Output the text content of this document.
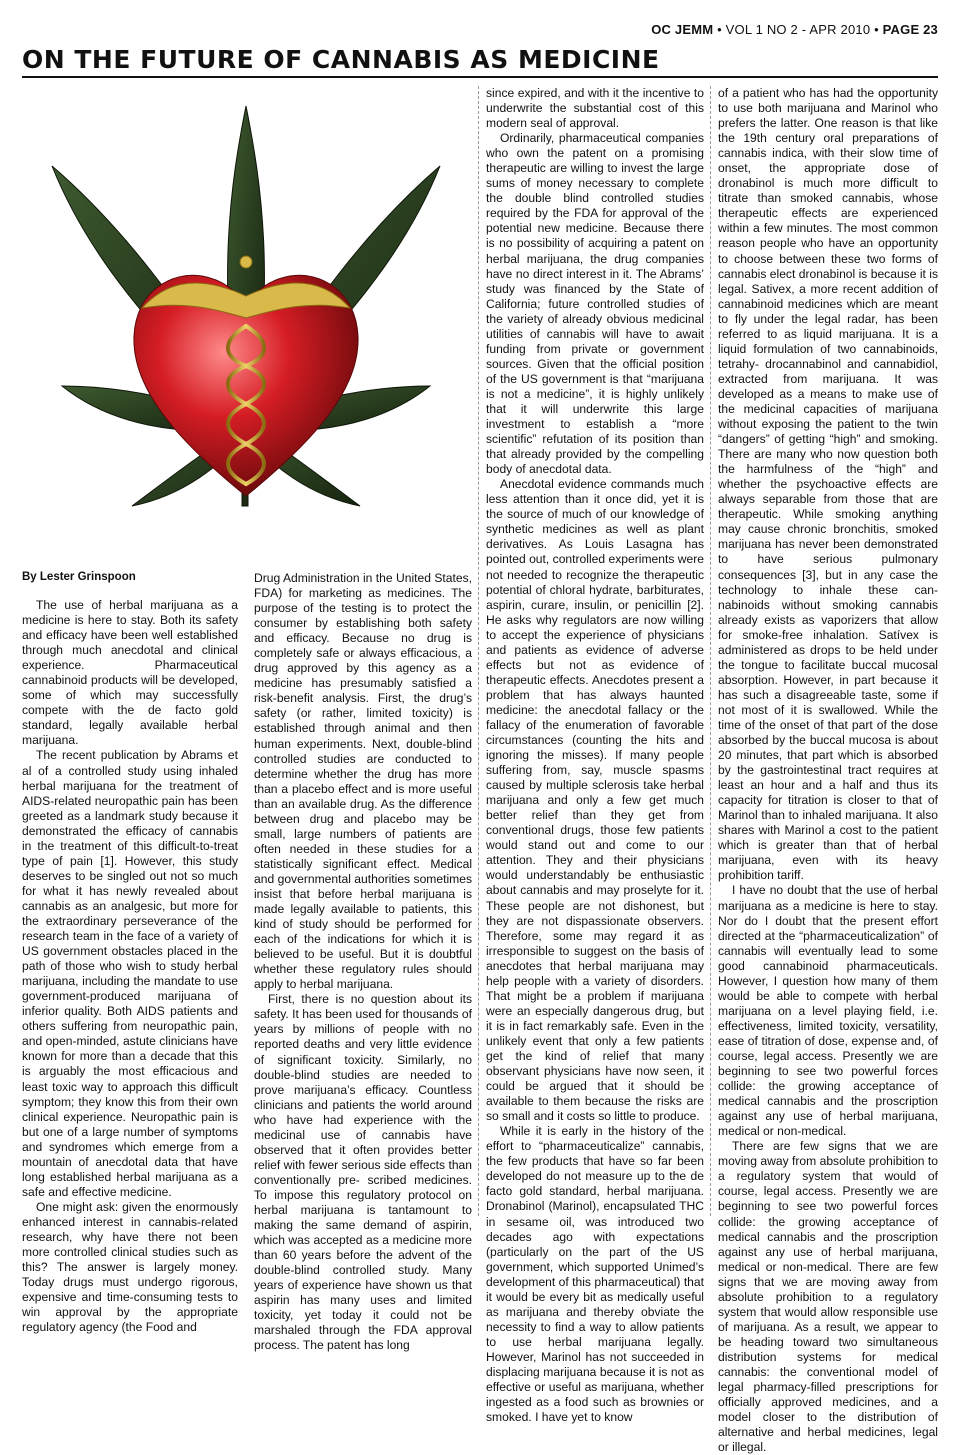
OC JEMM • VOL 1 NO 2 - APR 2010 • PAGE 23
ON THE FUTURE OF CANNABIS AS MEDICINE
By Lester Grinspoon

The use of herbal marijuana as a medicine is here to stay. Both its safety and efficacy have been well established through much anecdotal and clinical experience. Pharmaceutical cannabinoid products will be developed, some of which may successfully compete with the de facto gold standard, legally available herbal marijuana.

The recent publication by Abrams et al of a controlled study using inhaled herbal marijuana for the treatment of AIDS-related neuropathic pain has been greeted as a landmark study because it demonstrated the efficacy of cannabis in the treatment of this difficult-to-treat type of pain [1]. However, this study deserves to be singled out not so much for what it has newly revealed about cannabis as an analgesic, but more for the extraordinary perseverance of the research team in the face of a variety of US government obstacles placed in the path of those who wish to study herbal marijuana, including the mandate to use government-produced marijuana of inferior quality. Both AIDS patients and others suffering from neuropathic pain, and open-minded, astute clinicians have known for more than a decade that this is arguably the most efficacious and least toxic way to approach this difficult symptom; they know this from their own clinical experience. Neuropathic pain is but one of a large number of symptoms and syndromes which emerge from a mountain of anecdotal data that have long established herbal marijuana as a safe and effective medicine.

One might ask: given the enormously enhanced interest in cannabis-related research, why have there not been more controlled clinical studies such as this? The answer is largely money. Today drugs must undergo rigorous, expensive and time-consuming tests to win approval by the appropriate regulatory agency (the Food and

Drug Administration in the United States, FDA) for marketing as medicines. The purpose of the testing is to protect the consumer by establishing both safety and efficacy. Because no drug is completely safe or always efficacious, a drug approved by this agency as a medicine has presumably satisfied a risk-benefit analysis. First, the drug’s safety (or rather, limited toxicity) is established through animal and then human experiments. Next, double-blind controlled studies are conducted to determine whether the drug has more than a placebo effect and is more useful than an available drug. As the difference between drug and placebo may be small, large numbers of patients are often needed in these studies for a statistically significant effect. Medical and governmental authorities sometimes insist that before herbal marijuana is made legally available to patients, this kind of study should be performed for each of the indications for which it is believed to be useful. But it is doubtful whether these regulatory rules should apply to herbal marijuana.

First, there is no question about its safety. It has been used for thousands of years by millions of people with no reported deaths and very little evidence of significant toxicity. Similarly, no double-blind studies are needed to prove marijuana’s efficacy. Countless clinicians and patients the world around who have had experience with the medicinal use of cannabis have observed that it often provides better relief with fewer serious side effects than conventionally pre- scribed medicines. To impose this regulatory protocol on herbal marijuana is tantamount to making the same demand of aspirin, which was accepted as a medicine more than 60 years before the advent of the double-blind controlled study. Many years of experience have shown us that aspirin has many uses and limited toxicity, yet today it could not be marshaled through the FDA approval process. The patent has long

since expired, and with it the incentive to underwrite the substantial cost of this modern seal of approval.

Ordinarily, pharmaceutical companies who own the patent on a promising therapeutic are willing to invest the large sums of money necessary to complete the double blind controlled studies required by the FDA for approval of the potential new medicine. Because there is no possibility of acquiring a patent on herbal marijuana, the drug companies have no direct interest in it. The Abrams’ study was financed by the State of California; future controlled studies of the variety of already obvious medicinal utilities of cannabis will have to await funding from private or government sources. Given that the official position of the US government is that “marijuana is not a medicine”, it is highly unlikely that it will underwrite this large investment to establish a “more scientific” refutation of its position than that already provided by the compelling body of anecdotal data.

Anecdotal evidence commands much less attention than it once did, yet it is the source of much of our knowledge of synthetic medicines as well as plant derivatives. As Louis Lasagna has pointed out, controlled experiments were not needed to recognize the therapeutic potential of chloral hydrate, barbiturates, aspirin, curare, insulin, or penicillin [2]. He asks why regulators are now willing to accept the experience of physicians and patients as evidence of adverse effects but not as evidence of therapeutic effects. Anecdotes present a problem that has always haunted medicine: the anecdotal fallacy or the fallacy of the enumeration of favorable circumstances (counting the hits and ignoring the misses). If many people suffering from, say, muscle spasms caused by multiple sclerosis take herbal marijuana and only a few get much better relief than they get from conventional drugs, those few patients would stand out and come to our attention. They and their physicians would understandably be enthusiastic about cannabis and may proselyte for it. These people are not dishonest, but they are not dispassionate observers. Therefore, some may regard it as irresponsible to suggest on the basis of anecdotes that herbal marijuana may help people with a variety of disorders. That might be a problem if marijuana were an especially dangerous drug, but it is in fact remarkably safe. Even in the unlikely event that only a few patients get the kind of relief that many observant physicians have now seen, it could be argued that it should be available to them because the risks are so small and it costs so little to produce.

While it is early in the history of the effort to “pharmaceuticalize” cannabis, the few products that have so far been developed do not measure up to the de facto gold standard, herbal marijuana. Dronabinol (Marinol), encapsulated THC in sesame oil, was introduced two decades ago with expectations (particularly on the part of the US government, which supported Unimed’s development of this pharmaceutical) that it would be every bit as medically useful as marijuana and thereby obviate the necessity to find a way to allow patients to use herbal marijuana legally. However, Marinol has not succeeded in displacing marijuana because it is not as effective or useful as marijuana, whether ingested as a food such as brownies or smoked. I have yet to know

of a patient who has had the opportunity to use both marijuana and Marinol who prefers the latter. One reason is that like the 19th century oral preparations of cannabis indica, with their slow time of onset, the appropriate dose of dronabinol is much more difficult to titrate than smoked cannabis, whose therapeutic effects are experienced within a few minutes. The most common reason people who have an opportunity to choose between these two forms of cannabis elect dronabinol is because it is legal. Sativex, a more recent addition of cannabinoid medicines which are meant to fly under the legal radar, has been referred to as liquid marijuana. It is a liquid formulation of two cannabinoids, tetrahy- drocannabinol and cannabidiol, extracted from marijuana. It was developed as a means to make use of the medicinal capacities of marijuana without exposing the patient to the twin “dangers” of getting “high” and smoking. There are many who now question both the harmfulness of the “high” and whether the psychoactive effects are always separable from those that are therapeutic. While smoking anything may cause chronic bronchitis, smoked marijuana has never been demonstrated to have serious pulmonary consequences [3], but in any case the technology to inhale these can- nabinoids without smoking cannabis already exists as vaporizers that allow for smoke-free inhalation. Satívex is administered as drops to be held under the tongue to facilitate buccal mucosal absorption. However, in part because it has such a disagreeable taste, some if not most of it is swallowed. While the time of the onset of that part of the dose absorbed by the buccal mucosa is about 20 minutes, that part which is absorbed by the gastrointestinal tract requires at least an hour and a half and thus its capacity for titration is closer to that of Marinol than to inhaled marijuana. It also shares with Marinol a cost to the patient which is greater than that of herbal marijuana, even with its heavy prohibition tariff.

I have no doubt that the use of herbal marijuana as a medicine is here to stay. Nor do I doubt that the present effort directed at the “pharmaceuticalization” of cannabis will eventually lead to some good cannabinoid pharmaceuticals. However, I question how many of them would be able to compete with herbal marijuana on a level playing field, i.e. effectiveness, limited toxicity, versatility, ease of titration of dose, expense and, of course, legal access. Presently we are beginning to see two powerful forces collide: the growing acceptance of medical cannabis and the proscription against any use of herbal marijuana, medical or non-medical.

There are few signs that we are moving away from absolute prohibition to a regulatory system that would of course, legal access. Presently we are beginning to see two powerful forces collide: the growing acceptance of medical cannabis and the proscription against any use of herbal marijuana, medical or non-medical. There are few signs that we are moving away from absolute prohibition to a regulatory system that would allow responsible use of marijuana. As a result, we appear to be heading toward two simultaneous distribution systems for medical cannabis: the conventional model of legal pharmacy-filled prescriptions for officially approved medicines, and a model closer to the distribution of alternative and herbal medicines, legal or illegal.
